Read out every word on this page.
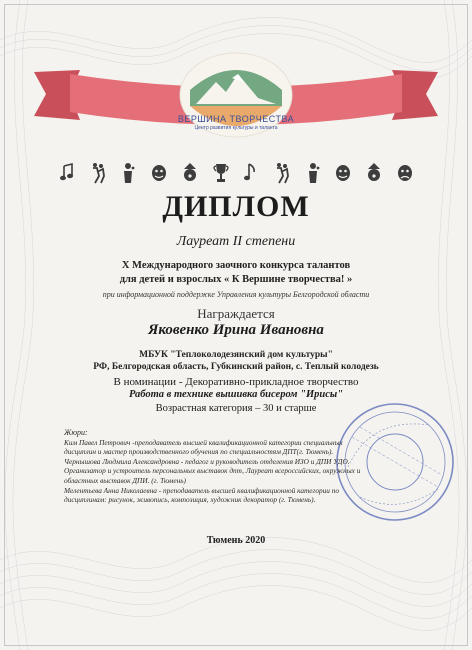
ВЕРШИНА ТВОРЧЕСТВА
Центр развития культуры и таланта
ДИПЛОМ
Лауреат II степени
X Международного заочного конкурса талантов
для детей и взрослых « К Вершине творчества! »
при информационной поддержке Управления культуры Белгородской области
Награждается
Яковенко Ирина Ивановна
МБУК "Теплоколодезянский дом культуры"
РФ, Белгородская область, Губкинский район, с. Теплый колодезь
В номинации - Декоративно-прикладное творчество
Работа в технике вышивка бисером "Ирисы"
Возрастная категория – 30 и старше

Жюри:

Ким Павел Петрович -преподаватель высшей квалификационной категории специальных

дисциплин и мастер производственного обучения по специальностям ДПТ(г. Тюмень).

Чернышова Людмила Александровна - педагог и руководитель отделения ИЗО и ДПИ УДО.

Организатор и устроитель персональных выставок дпт, Лауреат всероссийских, окружных и

областных выставок ДПИ. (г. Тюмень)

Мелентьева Анна Николаевна - преподаватель высшей квалификационной категории по

дисциплинам: рисунок, живопись, композиция, художник декоратор (г. Тюмень).

Тюмень 2020
